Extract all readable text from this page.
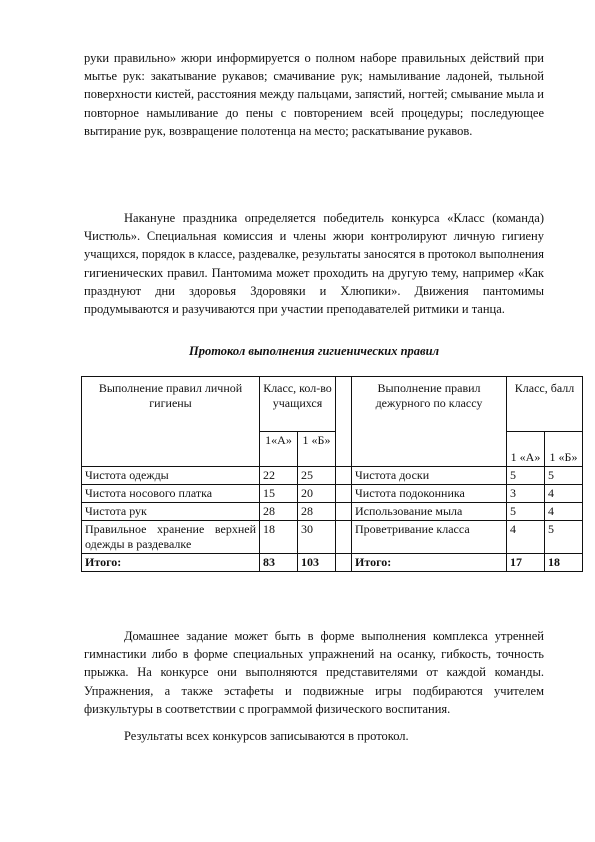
руки правильно» жюри информируется о полном наборе правильных действий при мытье рук: закатывание рукавов; смачивание рук; намыливание ладоней, тыльной поверхности кистей, расстояния между пальцами, запястий, ногтей; смывание мыла и повторное намыливание до пены с повторением всей процедуры; последующее вытирание рук, возвращение полотенца на место; раскатывание рукавов.

Накануне праздника определяется победитель конкурса «Класс (команда) Чистюль». Специальная комиссия и члены жюри контролируют личную гигиену учащихся, порядок в классе, раздевалке, результаты заносятся в протокол выполнения гигиенических правил. Пантомима может проходить на другую тему, например «Как празднуют дни здоровья Здоровяки и Хлюпики». Движения пантомимы продумываются и разучиваются при участии преподавателей ритмики и танца.

Протокол выполнения гигиенических правил

Выполнение правил личной гигиены	Класс, кол-во учащихся			Выполнение правил дежурного по классу	Класс, балл	
	1«А»	1 «Б»			1 «А»	1 «Б»
Чистота одежды	22	25		Чистота доски	5	5
Чистота носового платка	15	20		Чистота подоконника	3	4
Чистота рук	28	28		Использование мыла	5	4
Правильное хранение верхней одежды в раздевалке	18	30		Проветривание класса	4	5
Итого:	83	103		Итого:	17	18

Домашнее задание может быть в форме выполнения комплекса утренней гимнастики либо в форме специальных упражнений на осанку, гибкость, точность прыжка. На конкурсе они выполняются представителями от каждой команды. Упражнения, а также эстафеты и подвижные игры подбираются учителем физкультуры в соответствии с программой физического воспитания.

Результаты всех конкурсов записываются в протокол.
